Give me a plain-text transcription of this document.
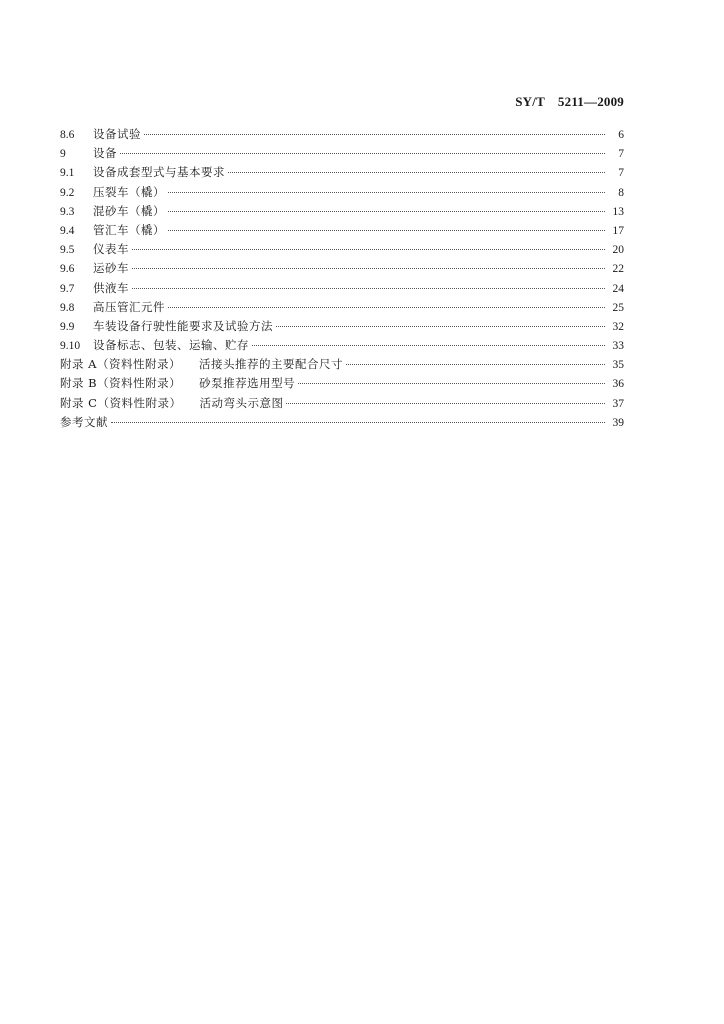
SY/T　5211—2009
8.6	设备试验	6
9	设备	7
9.1	设备成套型式与基本要求	7
9.2	压裂车（橇）	8
9.3	混砂车（橇）	13
9.4	管汇车（橇）	17
9.5	仪表车	20
9.6	运砂车	22
9.7	供液车	24
9.8	高压管汇元件	25
9.9	车装设备行驶性能要求及试验方法	32
9.10	设备标志、包装、运输、贮存	33
附录 A（资料性附录） 活接头推荐的主要配合尺寸	35
附录 B（资料性附录） 砂泵推荐选用型号	36
附录 C（资料性附录） 活动弯头示意图	37
参考文献	39
